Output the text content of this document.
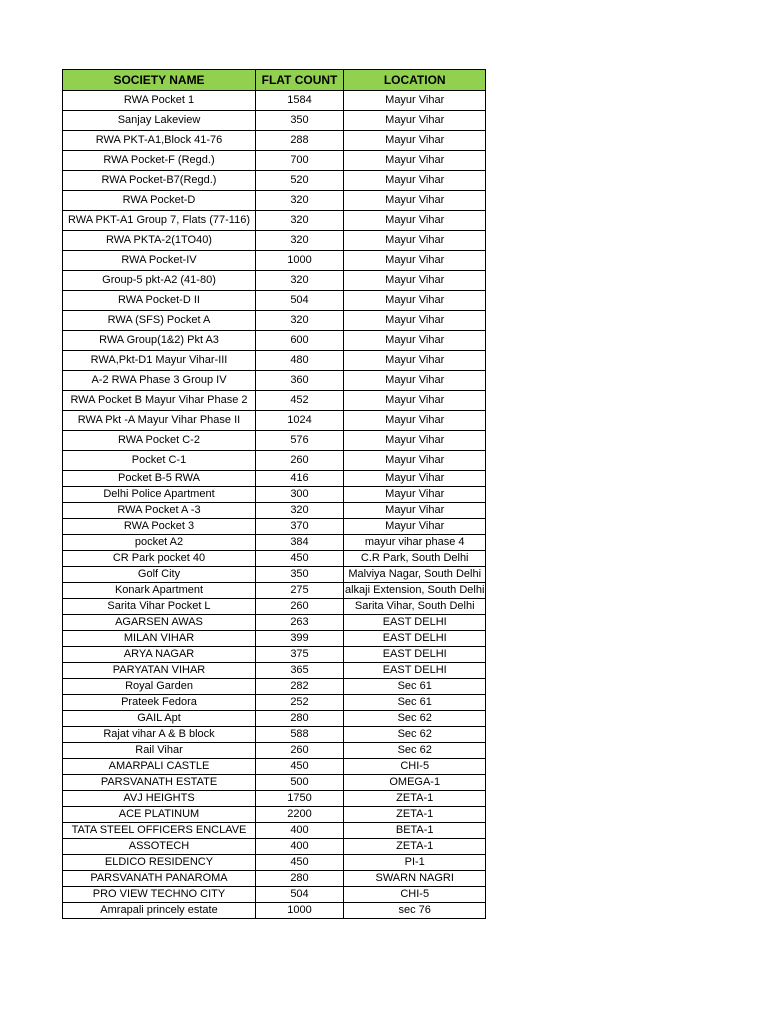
SOCIETY NAME	FLAT COUNT	LOCATION
RWA Pocket 1	1584	Mayur Vihar
Sanjay Lakeview	350	Mayur Vihar
RWA PKT-A1,Block 41-76	288	Mayur Vihar
RWA Pocket-F (Regd.)	700	Mayur Vihar
RWA Pocket-B7(Regd.)	520	Mayur Vihar
RWA Pocket-D	320	Mayur Vihar
RWA PKT-A1 Group 7, Flats (77-116)	320	Mayur Vihar
RWA PKTA-2(1TO40)	320	Mayur Vihar
RWA Pocket-IV	1000	Mayur Vihar
Group-5 pkt-A2 (41-80)	320	Mayur Vihar
RWA Pocket-D II	504	Mayur Vihar
RWA (SFS) Pocket A	320	Mayur Vihar
RWA Group(1&2) Pkt A3	600	Mayur Vihar
RWA,Pkt-D1 Mayur Vihar-III	480	Mayur Vihar
A-2 RWA Phase 3 Group IV	360	Mayur Vihar
RWA Pocket B Mayur Vihar Phase 2	452	Mayur Vihar
RWA Pkt -A Mayur Vihar Phase II	1024	Mayur Vihar
RWA Pocket C-2	576	Mayur Vihar
Pocket C-1	260	Mayur Vihar
Pocket B-5 RWA	416	Mayur Vihar
Delhi Police Apartment	300	Mayur Vihar
RWA Pocket A -3	320	Mayur Vihar
RWA Pocket 3	370	Mayur Vihar
pocket A2	384	mayur vihar phase 4
CR Park pocket 40	450	C.R Park, South Delhi
Golf City	350	Malviya Nagar, South Delhi
Konark Apartment	275	alkaji Extension, South Delhi
Sarita Vihar Pocket L	260	Sarita Vihar, South Delhi
AGARSEN AWAS	263	EAST DELHI
MILAN VIHAR	399	EAST DELHI
ARYA NAGAR	375	EAST DELHI
PARYATAN VIHAR	365	EAST DELHI
Royal Garden	282	Sec 61
Prateek Fedora	252	Sec 61
GAIL Apt	280	Sec 62
Rajat vihar A & B block	588	Sec 62
Rail Vihar	260	Sec 62
AMARPALI CASTLE	450	CHI-5
PARSVANATH ESTATE	500	OMEGA-1
AVJ HEIGHTS	1750	ZETA-1
ACE PLATINUM	2200	ZETA-1
TATA STEEL OFFICERS ENCLAVE	400	BETA-1
ASSOTECH	400	ZETA-1
ELDICO RESIDENCY	450	PI-1
PARSVANATH PANAROMA	280	SWARN NAGRI
PRO VIEW TECHNO CITY	504	CHI-5
Amrapali princely estate	1000	sec 76
